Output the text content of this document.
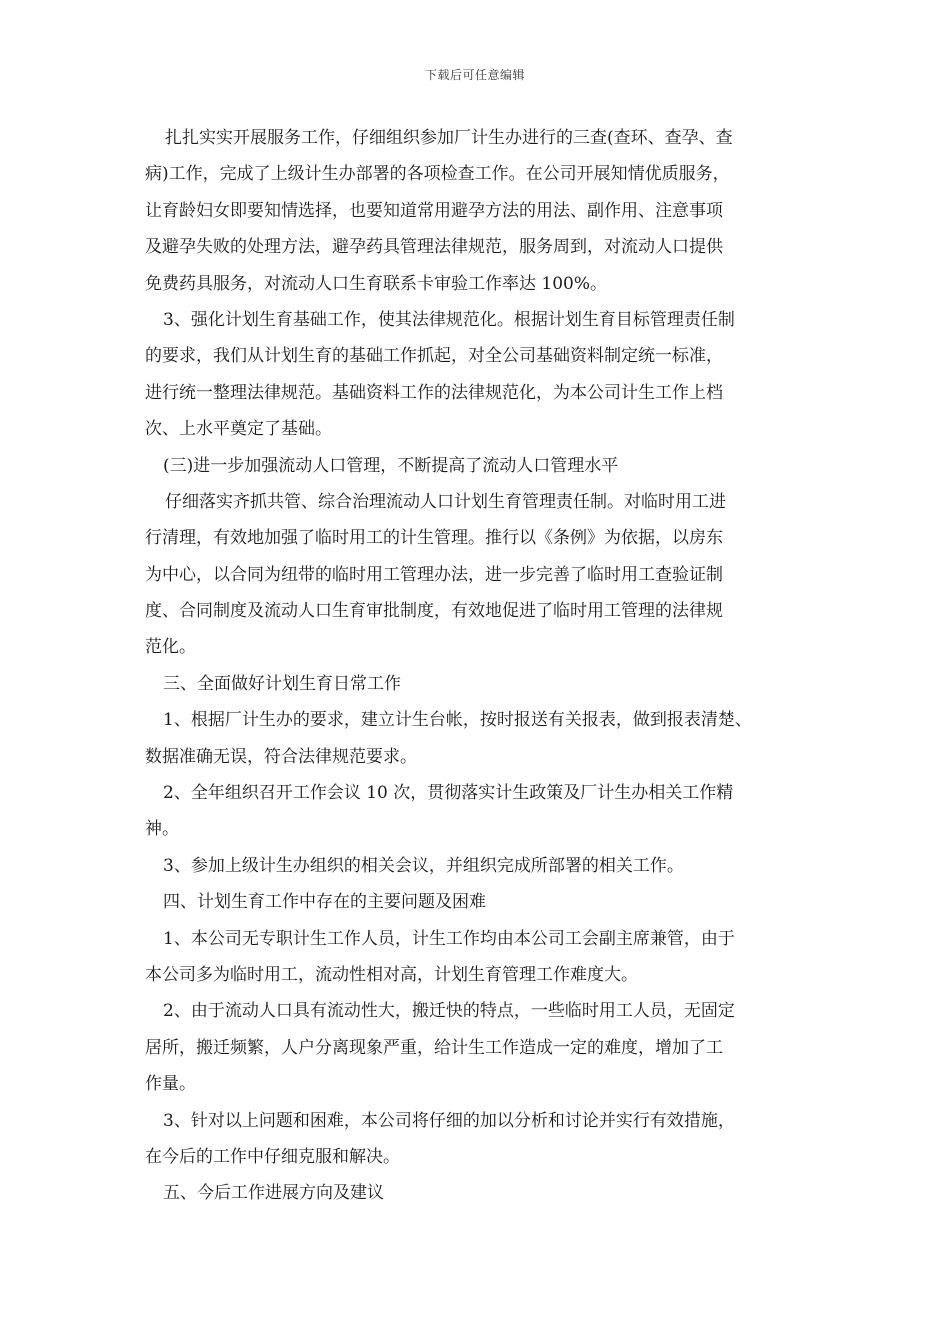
下载后可任意编辑
扎扎实实开展服务工作，仔细组织参加厂计生办进行的三查(查环、查孕、查
病)工作，完成了上级计生办部署的各项检查工作。在公司开展知情优质服务，
让育龄妇女即要知情选择，也要知道常用避孕方法的用法、副作用、注意事项
及避孕失败的处理方法，避孕药具管理法律规范，服务周到，对流动人口提供
免费药具服务，对流动人口生育联系卡审验工作率达 100%。
3、强化计划生育基础工作，使其法律规范化。根据计划生育目标管理责任制
的要求，我们从计划生育的基础工作抓起，对全公司基础资料制定统一标准，
进行统一整理法律规范。基础资料工作的法律规范化，为本公司计生工作上档
次、上水平奠定了基础。
(三)进一步加强流动人口管理，不断提高了流动人口管理水平
仔细落实齐抓共管、综合治理流动人口计划生育管理责任制。对临时用工进
行清理，有效地加强了临时用工的计生管理。推行以《条例》为依据，以房东
为中心，以合同为纽带的临时用工管理办法，进一步完善了临时用工查验证制
度、合同制度及流动人口生育审批制度，有效地促进了临时用工管理的法律规
范化。
三、全面做好计划生育日常工作
1、根据厂计生办的要求，建立计生台帐，按时报送有关报表，做到报表清楚、
数据准确无误，符合法律规范要求。
2、全年组织召开工作会议 10 次，贯彻落实计生政策及厂计生办相关工作精
神。
3、参加上级计生办组织的相关会议，并组织完成所部署的相关工作。
四、计划生育工作中存在的主要问题及困难
1、本公司无专职计生工作人员，计生工作均由本公司工会副主席兼管，由于
本公司多为临时用工，流动性相对高，计划生育管理工作难度大。
2、由于流动人口具有流动性大，搬迁快的特点，一些临时用工人员，无固定
居所，搬迁频繁，人户分离现象严重，给计生工作造成一定的难度，增加了工
作量。
3、针对以上问题和困难，本公司将仔细的加以分析和讨论并实行有效措施，
在今后的工作中仔细克服和解决。
五、今后工作进展方向及建议
